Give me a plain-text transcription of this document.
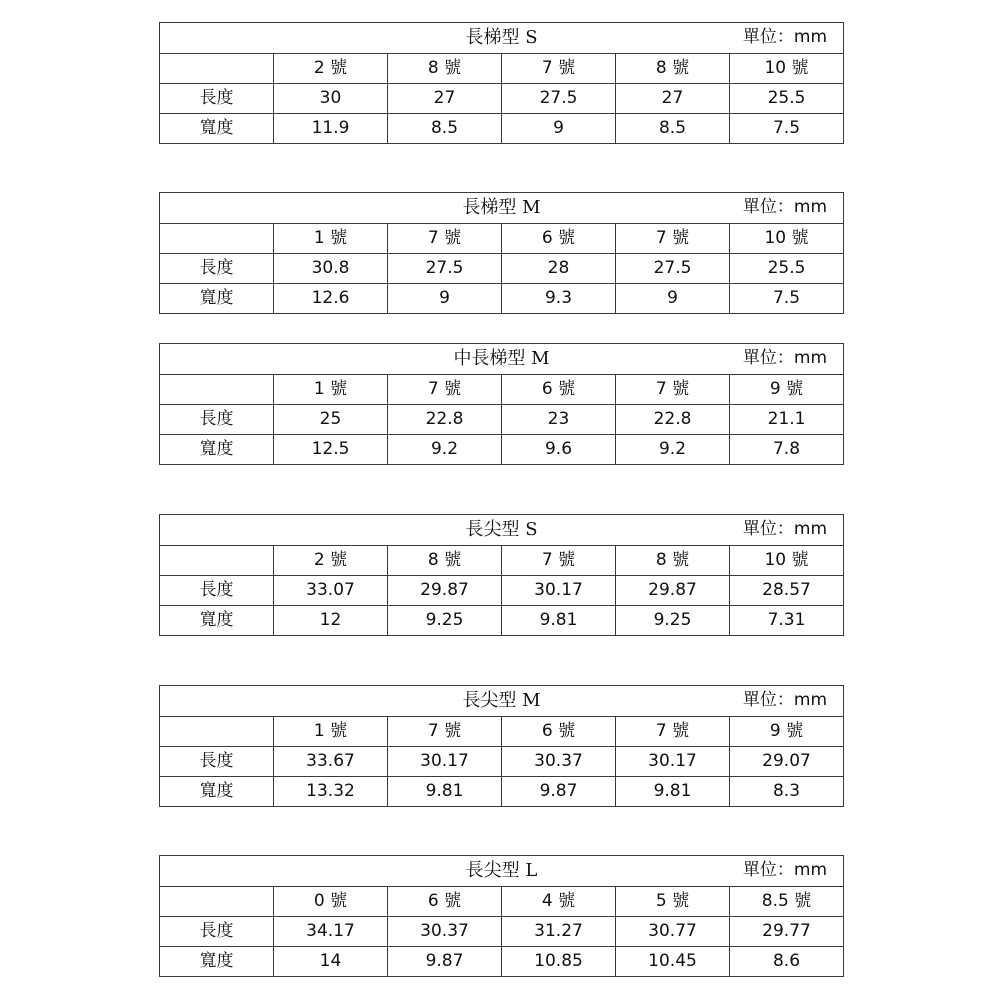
長梯型 S 單位：mm					

	2 號	8 號	7 號	8 號	10 號
長度	30	27	27.5	27	25.5
寬度	11.9	8.5	9	8.5	7.5
長梯型 M 單位：mm					

	1 號	7 號	6 號	7 號	10 號
長度	30.8	27.5	28	27.5	25.5
寬度	12.6	9	9.3	9	7.5
中長梯型 M 單位：mm					

	1 號	7 號	6 號	7 號	9 號
長度	25	22.8	23	22.8	21.1
寬度	12.5	9.2	9.6	9.2	7.8
長尖型 S 單位：mm					

	2 號	8 號	7 號	8 號	10 號
長度	33.07	29.87	30.17	29.87	28.57
寬度	12	9.25	9.81	9.25	7.31
長尖型 M 單位：mm					

	1 號	7 號	6 號	7 號	9 號
長度	33.67	30.17	30.37	30.17	29.07
寬度	13.32	9.81	9.87	9.81	8.3
長尖型 L 單位：mm					

	0 號	6 號	4 號	5 號	8.5 號
長度	34.17	30.37	31.27	30.77	29.77
寬度	14	9.87	10.85	10.45	8.6
